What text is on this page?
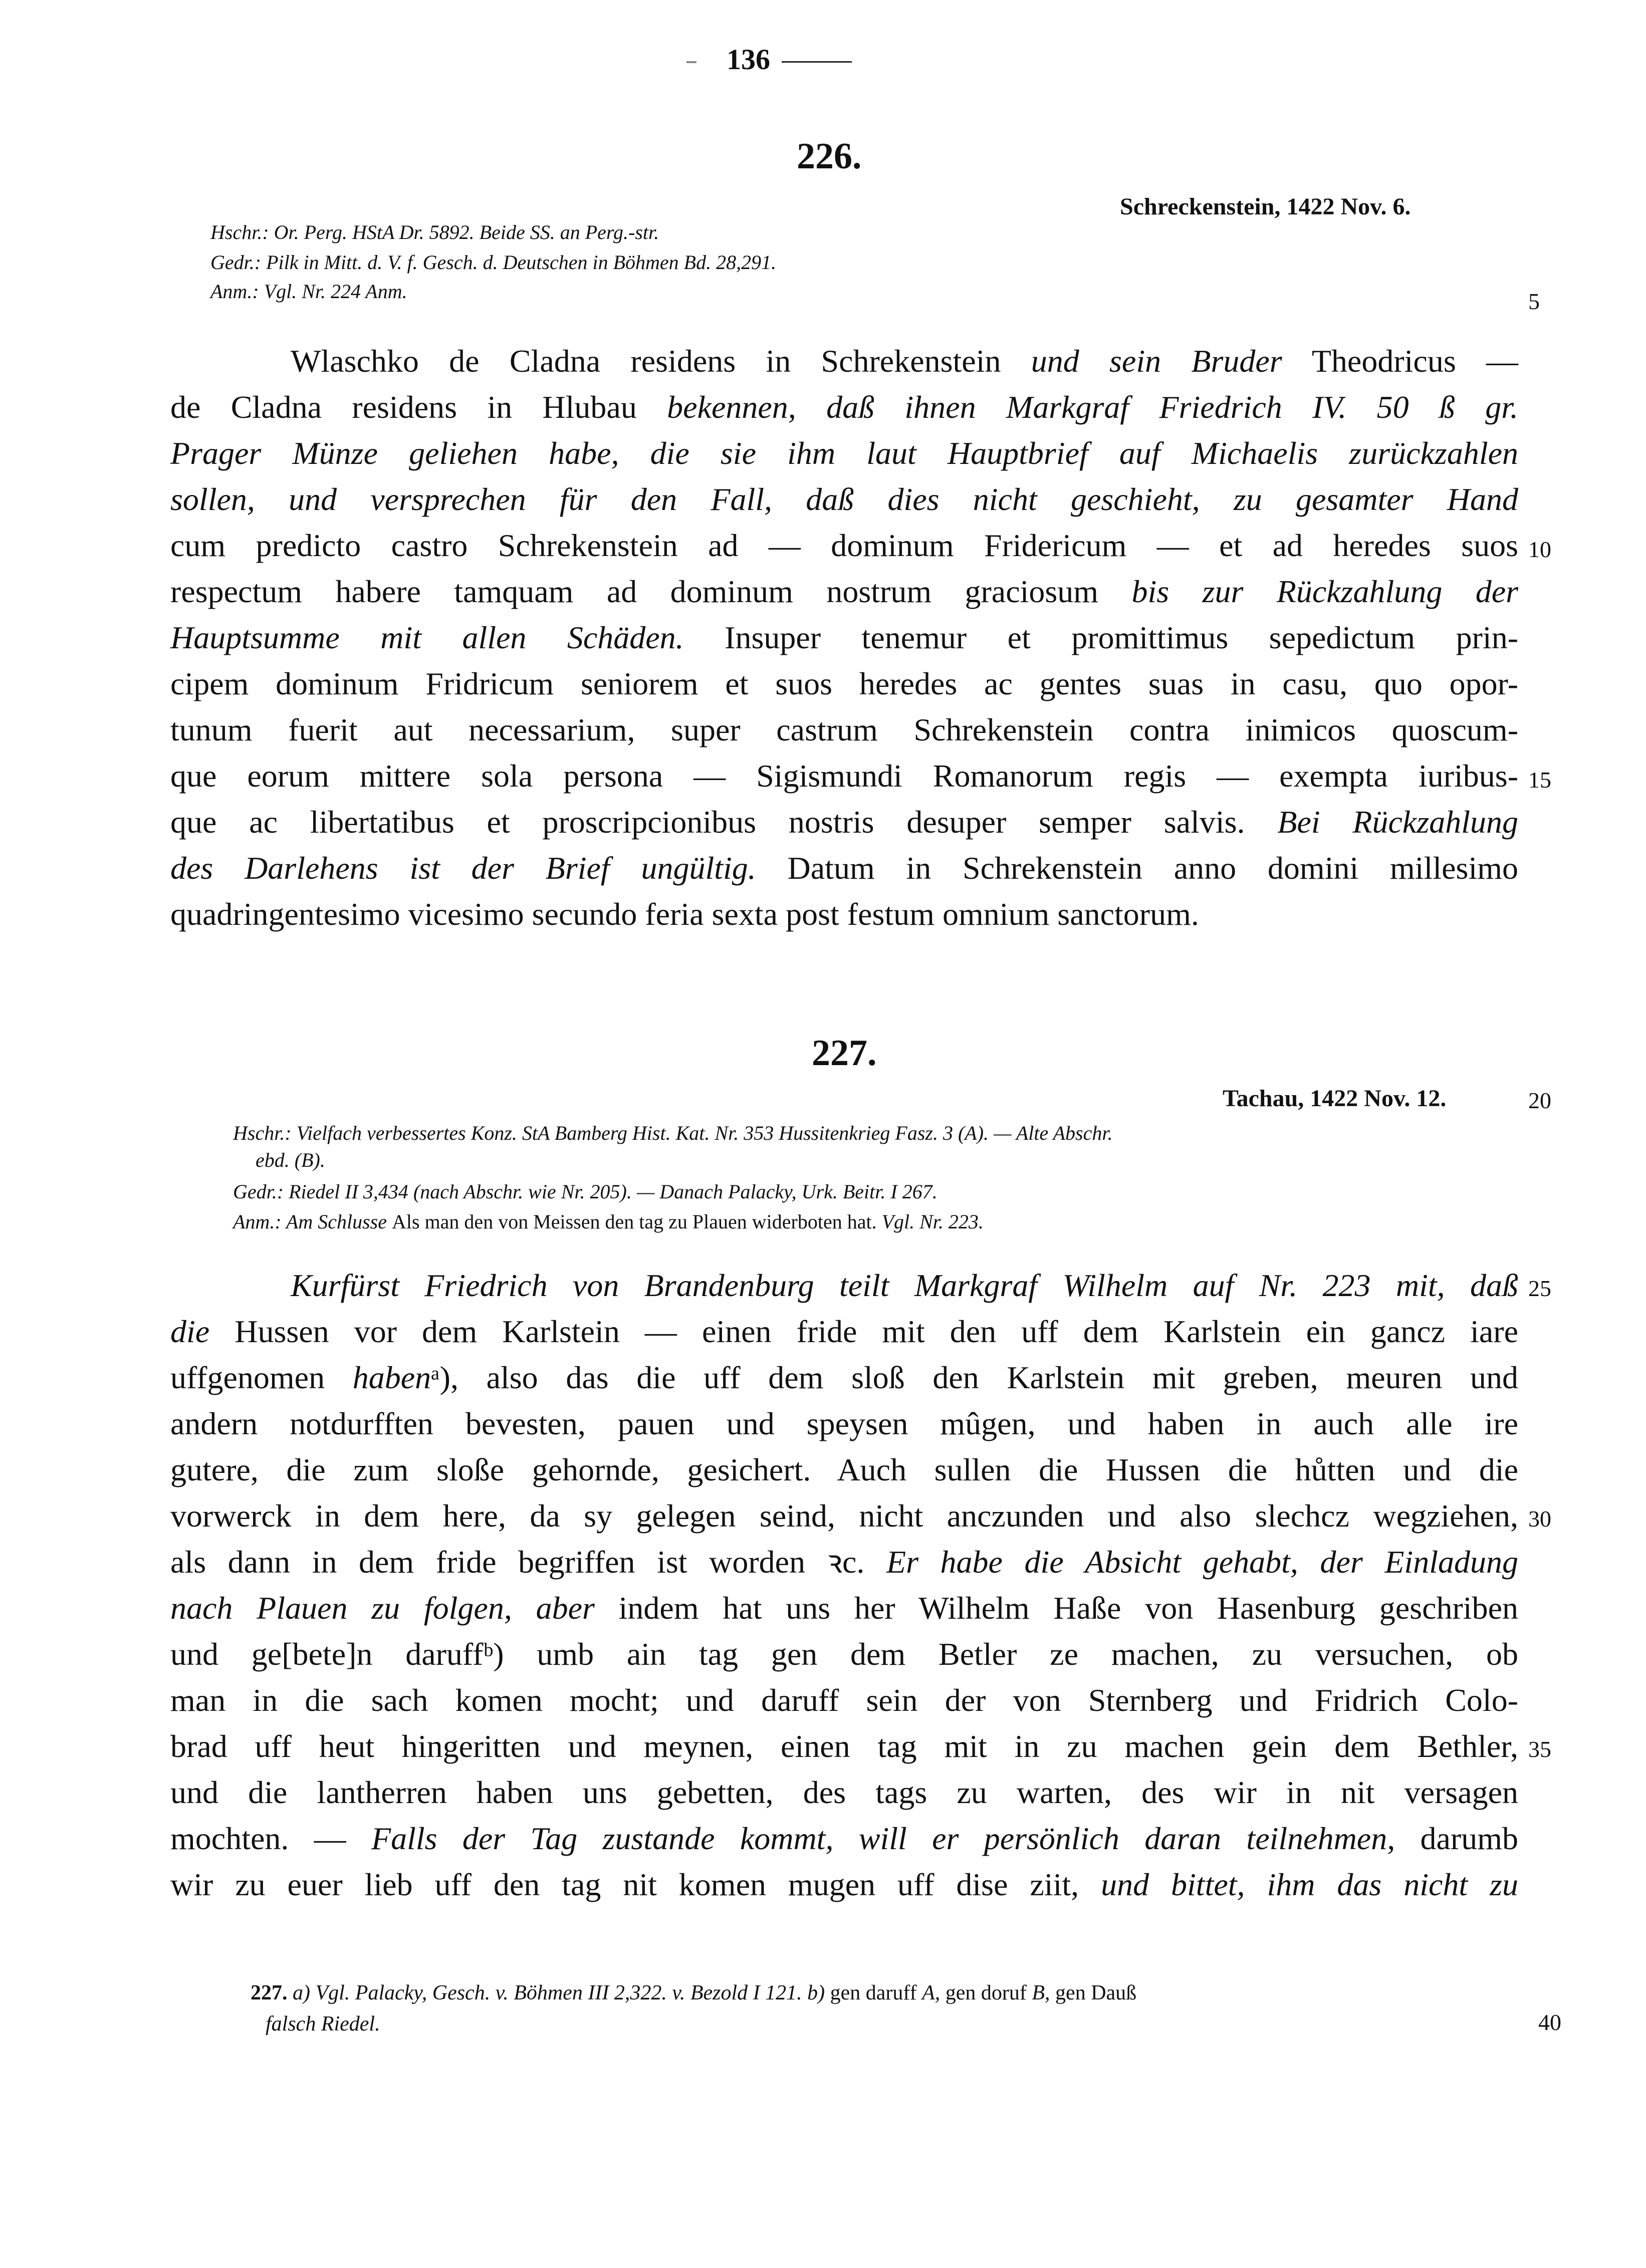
136
226.
Schreckenstein, 1422 Nov. 6.
Hschr.: Or. Perg. HStA Dr. 5892. Beide SS. an Perg.-str.
Gedr.: Pilk in Mitt. d. V. f. Gesch. d. Deutschen in Böhmen Bd. 28,291.
Anm.: Vgl. Nr. 224 Anm.	5
Wlaschko de Cladna residens in Schrekenstein und sein Bruder Theodricus —
de Cladna residens in Hlubau bekennen, daß ihnen Markgraf Friedrich IV. 50 ß gr.
Prager Münze geliehen habe, die sie ihm laut Hauptbrief auf Michaelis zurückzahlen
sollen, und versprechen für den Fall, daß dies nicht geschieht, zu gesamter Hand
cum predicto castro Schrekenstein ad — dominum Fridericum — et ad heredes suos
respectum habere tamquam ad dominum nostrum graciosum bis zur Rückzahlung der
Hauptsumme mit allen Schäden. Insuper tenemur et promittimus sepedictum prin-
cipem dominum Fridricum seniorem et suos heredes ac gentes suas in casu, quo opor-
tunum fuerit aut necessarium, super castrum Schrekenstein contra inimicos quoscum-
que eorum mittere sola persona — Sigismundi Romanorum regis — exempta iuribus-
que ac libertatibus et proscripcionibus nostris desuper semper salvis. Bei Rückzahlung
des Darlehens ist der Brief ungültig. Datum in Schrekenstein anno domini millesimo
quadringentesimo vicesimo secundo feria sexta post festum omnium sanctorum.
10
15
227.
Tachau, 1422 Nov. 12.	20
Hschr.: Vielfach verbessertes Konz. StA Bamberg Hist. Kat. Nr. 353 Hussitenkrieg Fasz. 3 (A). — Alte Abschr.
ebd. (B).
Gedr.: Riedel II 3,434 (nach Abschr. wie Nr. 205). — Danach Palacky, Urk. Beitr. I 267.
Anm.: Am Schlusse Als man den von Meissen den tag zu Plauen widerboten hat. Vgl. Nr. 223.
Kurfürst Friedrich von Brandenburg teilt Markgraf Wilhelm auf Nr. 223 mit, daß
die Hussen vor dem Karlstein — einen fride mit den uff dem Karlstein ein gancz iare
uffgenomen habenᵃ), also das die uff dem sloß den Karlstein mit greben, meuren und
andern notdurfften bevesten, pauen und speysen mûgen, und haben in auch alle ire
gutere, die zum sloße gehornde, gesichert. Auch sullen die Hussen die hůtten und die
vorwerck in dem here, da sy gelegen seind, nicht anczunden und also slechcz wegziehen,
als dann in dem fride begriffen ist worden ꝛc. Er habe die Absicht gehabt, der Einladung
nach Plauen zu folgen, aber indem hat uns her Wilhelm Haße von Hasenburg geschriben
und ge[bete]n daruffᵇ) umb ain tag gen dem Betler ze machen, zu versuchen, ob
man in die sach komen mocht; und daruff sein der von Sternberg und Fridrich Colo-
brad uff heut hingeritten und meynen, einen tag mit in zu machen gein dem Bethler,
und die lantherren haben uns gebetten, des tags zu warten, des wir in nit versagen
mochten. — Falls der Tag zustande kommt, will er persönlich daran teilnehmen, darumb
wir zu euer lieb uff den tag nit komen mugen uff dise ziit, und bittet, ihm das nicht zu
25
30
35
227. a) Vgl. Palacky, Gesch. v. Böhmen III 2,322. v. Bezold I 121. b) gen daruff A, gen doruf B, gen Dauß
falsch Riedel.	40
